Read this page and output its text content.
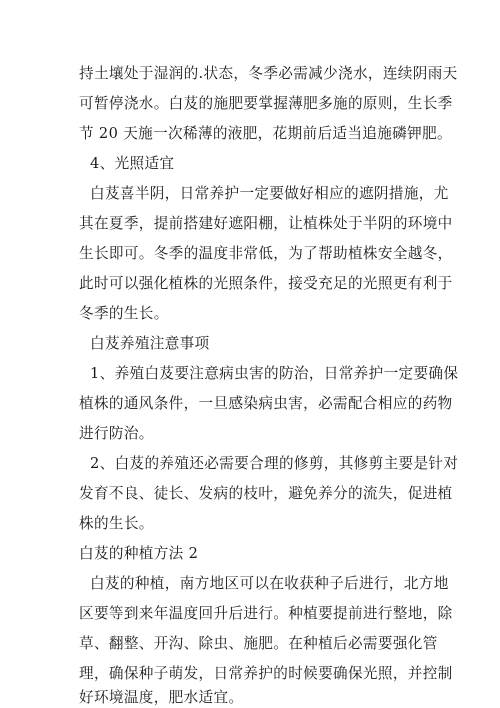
持土壤处于湿润的.状态，冬季必需减少浇水，连续阴雨天
可暂停浇水。白芨的施肥要掌握薄肥多施的原则，生长季
节 20 天施一次稀薄的液肥，花期前后适当追施磷钾肥。
4、光照适宜
白芨喜半阴，日常养护一定要做好相应的遮阴措施，尤
其在夏季，提前搭建好遮阳棚，让植株处于半阴的环境中
生长即可。冬季的温度非常低，为了帮助植株安全越冬，
此时可以强化植株的光照条件，接受充足的光照更有利于
冬季的生长。
白芨养殖注意事项
1、养殖白芨要注意病虫害的防治，日常养护一定要确保
植株的通风条件，一旦感染病虫害，必需配合相应的药物
进行防治。
2、白芨的养殖还必需要合理的修剪，其修剪主要是针对
发育不良、徒长、发病的枝叶，避免养分的流失，促进植
株的生长。
白芨的种植方法 2
白芨的种植，南方地区可以在收获种子后进行，北方地
区要等到来年温度回升后进行。种植要提前进行整地，除
草、翻整、开沟、除虫、施肥。在种植后必需要强化管
理，确保种子萌发，日常养护的时候要确保光照，并控制
好环境温度，肥水适宜。
